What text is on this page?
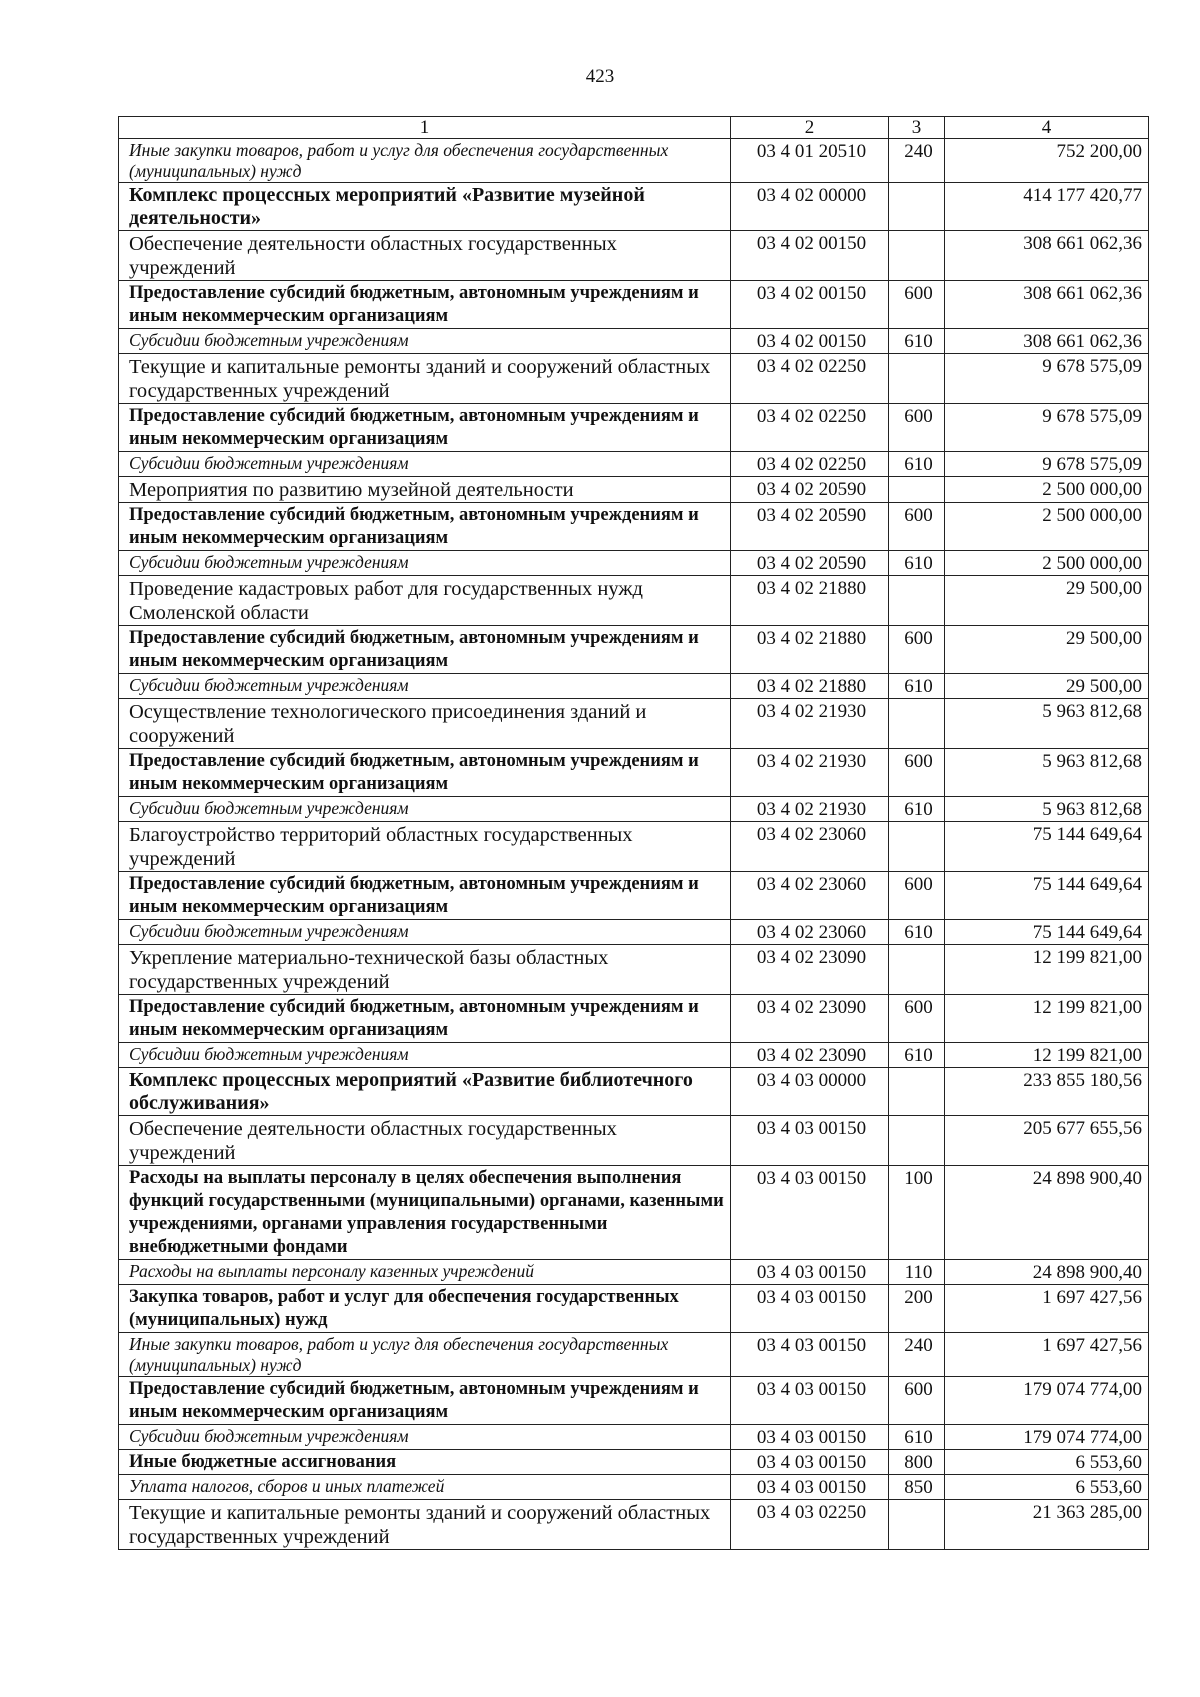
423
1	2	3	4
Иные закупки товаров, работ и услуг для обеспечения государственных (муниципальных) нужд	03 4 01 20510	240	752 200,00
Комплекс процессных мероприятий «Развитие музейной деятельности»	03 4 02 00000		414 177 420,77
Обеспечение деятельности областных государственных учреждений	03 4 02 00150		308 661 062,36
Предоставление субсидий бюджетным, автономным учреждениям и иным некоммерческим организациям	03 4 02 00150	600	308 661 062,36
Субсидии бюджетным учреждениям	03 4 02 00150	610	308 661 062,36
Текущие и капитальные ремонты зданий и сооружений областных государственных учреждений	03 4 02 02250		9 678 575,09
Предоставление субсидий бюджетным, автономным учреждениям и иным некоммерческим организациям	03 4 02 02250	600	9 678 575,09
Субсидии бюджетным учреждениям	03 4 02 02250	610	9 678 575,09
Мероприятия по развитию музейной деятельности	03 4 02 20590		2 500 000,00
Предоставление субсидий бюджетным, автономным учреждениям и иным некоммерческим организациям	03 4 02 20590	600	2 500 000,00
Субсидии бюджетным учреждениям	03 4 02 20590	610	2 500 000,00
Проведение кадастровых работ для государственных нужд Смоленской области	03 4 02 21880		29 500,00
Предоставление субсидий бюджетным, автономным учреждениям и иным некоммерческим организациям	03 4 02 21880	600	29 500,00
Субсидии бюджетным учреждениям	03 4 02 21880	610	29 500,00
Осуществление технологического присоединения зданий и сооружений	03 4 02 21930		5 963 812,68
Предоставление субсидий бюджетным, автономным учреждениям и иным некоммерческим организациям	03 4 02 21930	600	5 963 812,68
Субсидии бюджетным учреждениям	03 4 02 21930	610	5 963 812,68
Благоустройство территорий областных государственных учреждений	03 4 02 23060		75 144 649,64
Предоставление субсидий бюджетным, автономным учреждениям и иным некоммерческим организациям	03 4 02 23060	600	75 144 649,64
Субсидии бюджетным учреждениям	03 4 02 23060	610	75 144 649,64
Укрепление материально-технической базы областных государственных учреждений	03 4 02 23090		12 199 821,00
Предоставление субсидий бюджетным, автономным учреждениям и иным некоммерческим организациям	03 4 02 23090	600	12 199 821,00
Субсидии бюджетным учреждениям	03 4 02 23090	610	12 199 821,00
Комплекс процессных мероприятий «Развитие библиотечного обслуживания»	03 4 03 00000		233 855 180,56
Обеспечение деятельности областных государственных учреждений	03 4 03 00150		205 677 655,56
Расходы на выплаты персоналу в целях обеспечения выполнения функций государственными (муниципальными) органами, казенными учреждениями, органами управления государственными внебюджетными фондами	03 4 03 00150	100	24 898 900,40
Расходы на выплаты персоналу казенных учреждений	03 4 03 00150	110	24 898 900,40
Закупка товаров, работ и услуг для обеспечения государственных (муниципальных) нужд	03 4 03 00150	200	1 697 427,56
Иные закупки товаров, работ и услуг для обеспечения государственных (муниципальных) нужд	03 4 03 00150	240	1 697 427,56
Предоставление субсидий бюджетным, автономным учреждениям и иным некоммерческим организациям	03 4 03 00150	600	179 074 774,00
Субсидии бюджетным учреждениям	03 4 03 00150	610	179 074 774,00
Иные бюджетные ассигнования	03 4 03 00150	800	6 553,60
Уплата налогов, сборов и иных платежей	03 4 03 00150	850	6 553,60
Текущие и капитальные ремонты зданий и сооружений областных государственных учреждений	03 4 03 02250		21 363 285,00
